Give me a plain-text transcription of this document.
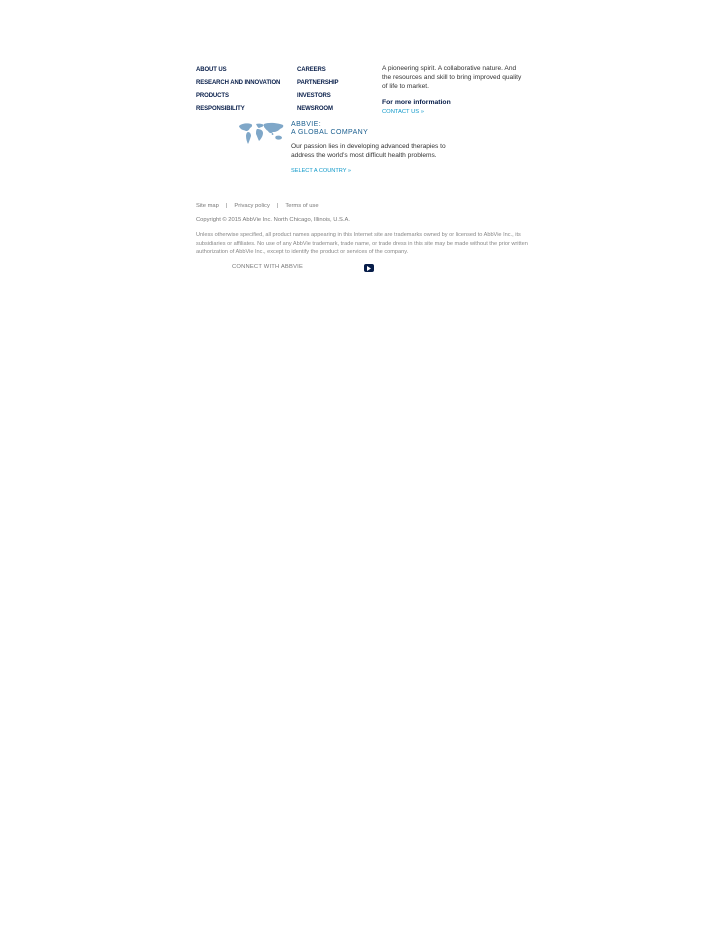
ABOUT US
RESEARCH AND INNOVATION
PRODUCTS
RESPONSIBILITY
CAREERS
PARTNERSHIP
INVESTORS
NEWSROOM

A pioneering spirit. A collaborative nature. And the resources and skill to bring improved quality of life to market.

For more information
CONTACT US »
ABBVIE:
A GLOBAL COMPANY
Our passion lies in developing advanced therapies to address the world’s most difficult health problems.
SELECT A COUNTRY »
Site map | Privacy policy | Terms of use
Copyright © 2015 AbbVie Inc. North Chicago, Illinois, U.S.A.
Unless otherwise specified, all product names appearing in this Internet site are trademarks owned by or licensed to AbbVie Inc., its subsidiaries or affiliates. No use of any AbbVie trademark, trade name, or trade dress in this site may be made without the prior written authorization of AbbVie Inc., except to identify the product or services of the company.
CONNECT WITH ABBVIE
